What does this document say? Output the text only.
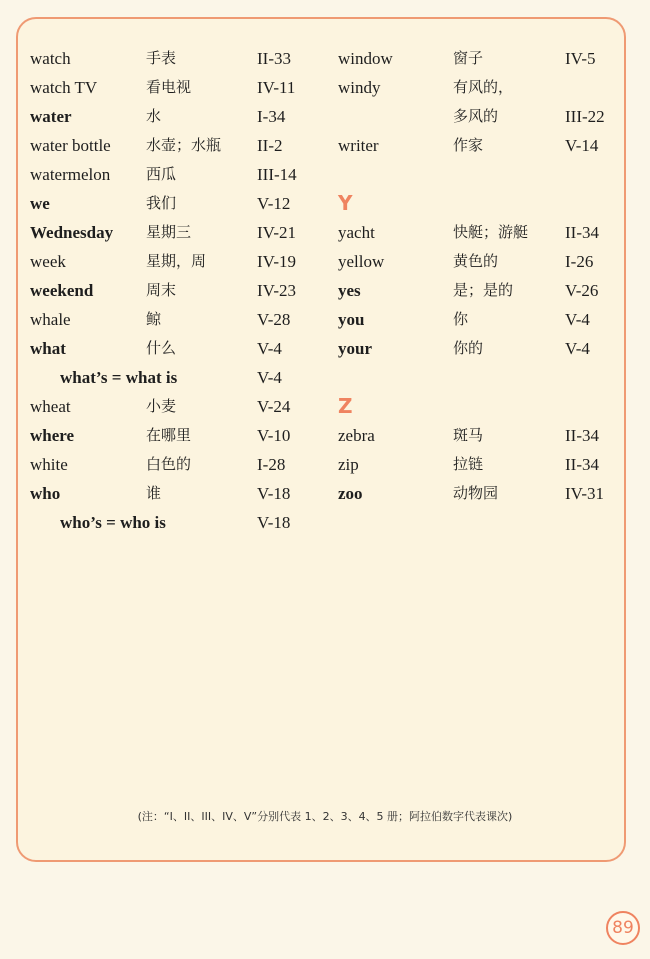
watch	手表	II-33
watch TV	看电视	IV-11
water	水	I-34
water bottle 水壶；水瓶 II-2
watermelon 西瓜	III-14
we	我们	V-12
Wednesday 星期三	IV-21
week	星期，周	IV-19
weekend	周末	IV-23
whale	鲸	V-28
what	什么	V-4
what’s = what is	V-4
wheat	小麦	V-24
where	在哪里	V-10
white	白色的	I-28
who	谁	V-18
who’s = who is	V-18
window	窗子	IV-5
windy	有风的，
多风的	III-22
writer	作家	V-14
Y
yacht	快艇；游艇 II-34
yellow	黄色的	I-26
yes	是；是的	V-26
you	你	V-4
your	你的	V-4
Z
zebra	斑马	II-34
zip	拉链	II-34
zoo	动物园	IV-31
(注：“I、II、III、IV、V”分别代表 1、2、3、4、5 册；阿拉伯数字代表课次)
89
